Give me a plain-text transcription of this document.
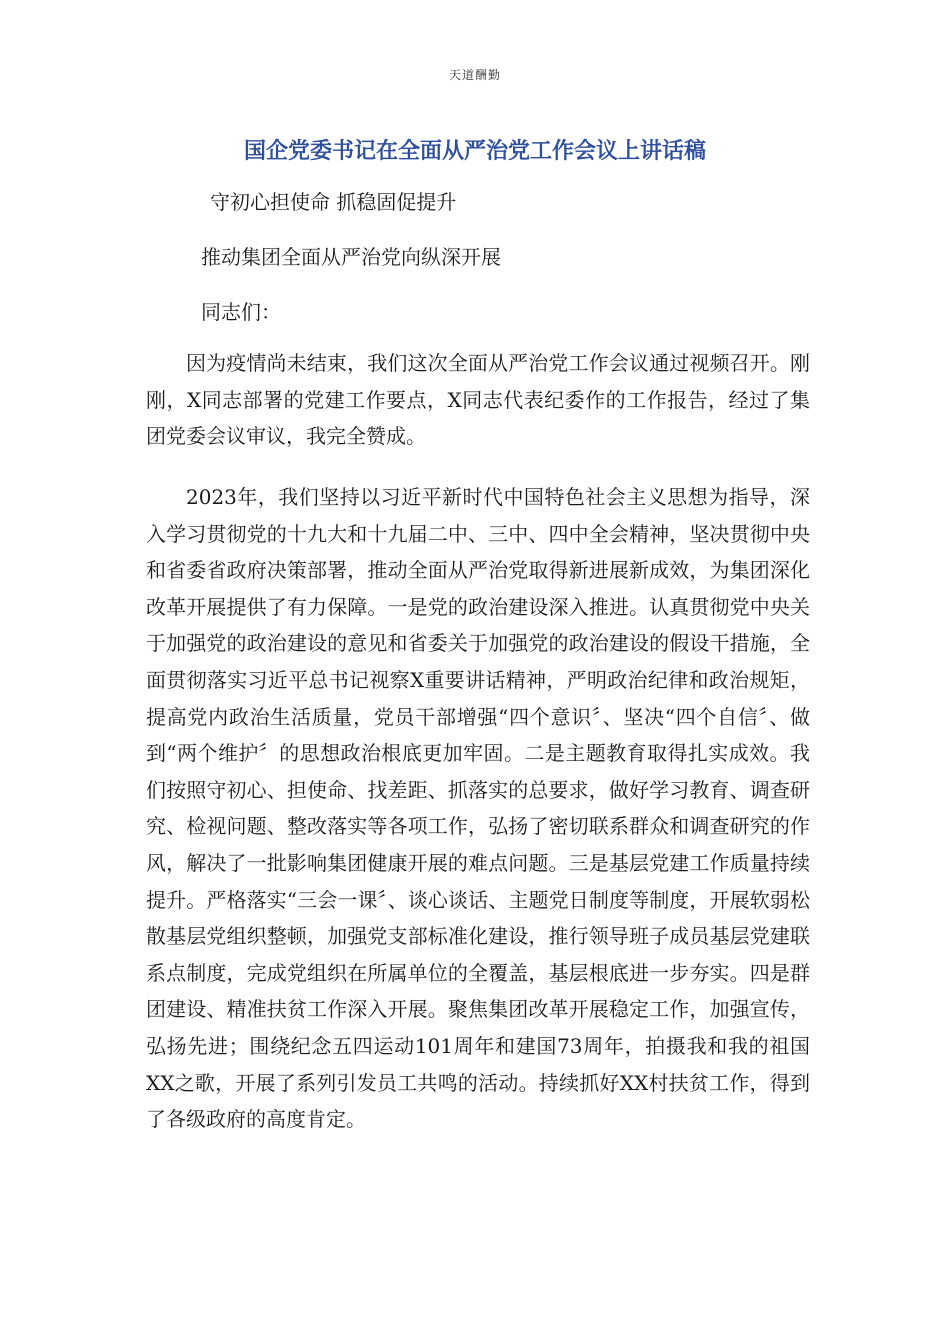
天道酬勤
国企党委书记在全面从严治党工作会议上讲话稿

守初心担使命 抓稳固促提升

推动集团全面从严治党向纵深开展

同志们：

因为疫情尚未结束，我们这次全面从严治党工作会议通过视频召开。刚刚，X同志部署的党建工作要点，X同志代表纪委作的工作报告，经过了集团党委会议审议，我完全赞成。

2023年，我们坚持以习近平新时代中国特色社会主义思想为指导，深入学习贯彻党的十九大和十九届二中、三中、四中全会精神，坚决贯彻中央和省委省政府决策部署，推动全面从严治党取得新进展新成效，为集团深化改革开展提供了有力保障。一是党的政治建设深入推进。认真贯彻党中央关于加强党的政治建设的意见和省委关于加强党的政治建设的假设干措施，全面贯彻落实习近平总书记视察X重要讲话精神，严明政治纪律和政治规矩，提高党内政治生活质量，党员干部增强“四个意识〞、坚决“四个自信〞、做到“两个维护〞的思想政治根底更加牢固。二是主题教育取得扎实成效。我们按照守初心、担使命、找差距、抓落实的总要求，做好学习教育、调查研究、检视问题、整改落实等各项工作，弘扬了密切联系群众和调查研究的作风，解决了一批影响集团健康开展的难点问题。三是基层党建工作质量持续提升。严格落实“三会一课〞、谈心谈话、主题党日制度等制度，开展软弱松散基层党组织整顿，加强党支部标准化建设，推行领导班子成员基层党建联系点制度，完成党组织在所属单位的全覆盖，基层根底进一步夯实。四是群团建设、精准扶贫工作深入开展。聚焦集团改革开展稳定工作，加强宣传，弘扬先进；围绕纪念五四运动101周年和建国73周年，拍摄我和我的祖国XX之歌，开展了系列引发员工共鸣的活动。持续抓好XX村扶贫工作，得到了各级政府的高度肯定。
